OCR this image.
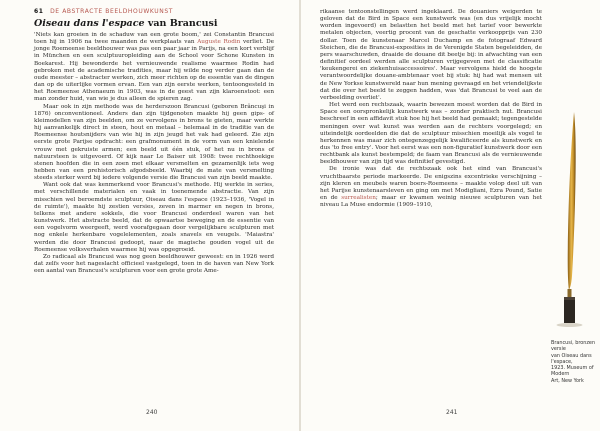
61 DE ABSTRACTE BEELDHOUWKUNST
Oiseau dans l'espace van Brancusi

'Niets kan groeien in de schaduw van een grote boom,' zei Constantin Brancusi toen hij in 1906 na twee maanden de werkplaats van Auguste Rodin verliet. De jonge Roemeense beeldhouwer was pas een paar jaar in Parijs, na een kort verblijf in München en een sculptuuropleiding aan de School voor Schone Kunsten in Boekarest. Hij bewonderde het vernieuwende realisme waarmee Rodin had gebroken met de academische tradities, maar hij wilde nog verder gaan dan de oude meester – abstracter werken, zich meer richten op de essentie van de dingen dan op de uiterlijke vormen ervan. Een van zijn eerste werken, tentoongesteld in het Roemeense Athenaeum in 1903, was in de geest van zijn klaroenstoot: een man zonder huid, van wie je dus alleen de spieren zag.

Maar ook in zijn methode was de herderszoon Brancusi (geboren Brâncuşi in 1876) onconventioneel. Anders dan zijn tijdgenoten maakte hij geen gips- of kleimodellen van zijn beelden, om ze vervolgens in brons te gieten, maar werkte hij aanvankelijk direct in steen, hout en metaal – helemaal in de traditie van de Roemeense houtsnijders van wie hij in zijn jeugd het vak had geleerd. Zie zijn eerste grote Parijse opdracht: een grafmonument in de vorm van een knielende vrouw met gekruiste armen; een beeld uit één stuk, of het nu in brons of natuursteen is uitgevoerd. Of kijk naar Le Baiser uit 1908: twee rechthoekige stenen hoofden die in een zoen met elkaar versmelten en gezamenlijk iets weg hebben van een prehistorisch afgodsbeeld. Waarbij de mate van versmelting steeds sterker werd bij iedere volgende versie die Brancusi van zijn beeld maakte.

Want ook dat was kenmerkend voor Brancusi's methode. Hij werkte in series, met verschillende materialen en vaak in toenemende abstractie. Van zijn misschien wel beroemdste sculptuur, Oiseau dans l'espace (1923–1936, 'Vogel in de ruimte'), maakte hij zestien versies, zeven in marmer en negen in brons, telkens met andere sokkels, die voor Brancusi onderdeel waren van het kunstwerk. Het abstracte beeld, dat de opwaartse beweging en de essentie van een vogelvorm weergeeft, werd voorafgegaan door vergelijkbare sculpturen met nog enkele herkenbare vogelelementen, zoals snavels en veugels. 'Maiastra' werden die door Brancusi gedoopt, naar de magische gouden vogel uit de Roemeense volksverhalen waarmee hij was opgegroeid.

Zo radicaal als Brancusi was nog geen beeldhouwer geweest: en in 1926 werd dat zelfs voor het nageslacht officieel vastgelegd, toen in de haven van New York een aantal van Brancusi's sculpturen voor een grote grote Ame-

240	241

rikaanse tentoonstellingen werd ingeklaard. De douaniers weigerden te geloven dat de Bird in Space een kunstwerk was (en dus vrijelijk mocht worden ingevoerd) en belastten het beeld met het tarief voor bewerkte metalen objecten, veertig procent van de geschatte verkoopprijs van 230 dollar. Toen de kunstenaar Marcel Duchamp en de fotograaf Edward Steichen, die de Brancusi-exposities in de Verenigde Staten begeleidden, de pers waarschuwden, draaide de douane dit beetje bij: in afwachting van een definitief oordeel werden alle sculpturen vrijgegeven met de classificatie 'keukengerei en ziekenhuisaccessoires'. Maar vervolgens hield de hoogste verantwoordelijke douane-ambtenaar voet bij stuk: hij had wat mensen uit de New Yorkse kunstwereld naar hun mening gevraagd en het vriendelijkste dat die over het beeld te zeggen hadden, was 'dat Brancusi te veel aan de verbeelding overliet'.

Het werd een rechtszaak, waarin bewezen moest worden dat de Bird in Space een oorspronkelijk kunstwerk was – zonder praktisch nut. Brancusi beschreef in een affidavit stuk hoe hij het beeld had gemaakt; tegengestelde meningen over wat kunst was werden aan de rechters voorgelegd; en uiteindelijk oordeelden die dat de sculptuur misschien moeilijk als vogel te herkennen was maar zich ontegenzeggelijk kwalificeerde als kunstwerk en dus 'to free entry'. Voor het eerst was een non-figuratief kunstwerk door een rechtbank als kunst bestempeld; de faam van Brancusi als de vernieuwende beeldhouwer van zijn tijd was definitief gevestigd.

De ironie was dat de rechtszaak ook het eind van Brancusi's vruchtbaarste periode markeerde. De enigszins excentrieke verschijning – zijn kleren en meubels waren boers-Roemeens – maakte volop deel uit van het Parijse kunstenaarsleven en ging om met Modigliani, Ezra Pound, Satie en de surrealisten; maar er kwamen weinig nieuwe sculpturen van het niveau La Muse endormie (1909–1910,

Brancusi, bronzen versie
van Oiseau dans l'espace,
1923. Museum of Modern
Art, New York
